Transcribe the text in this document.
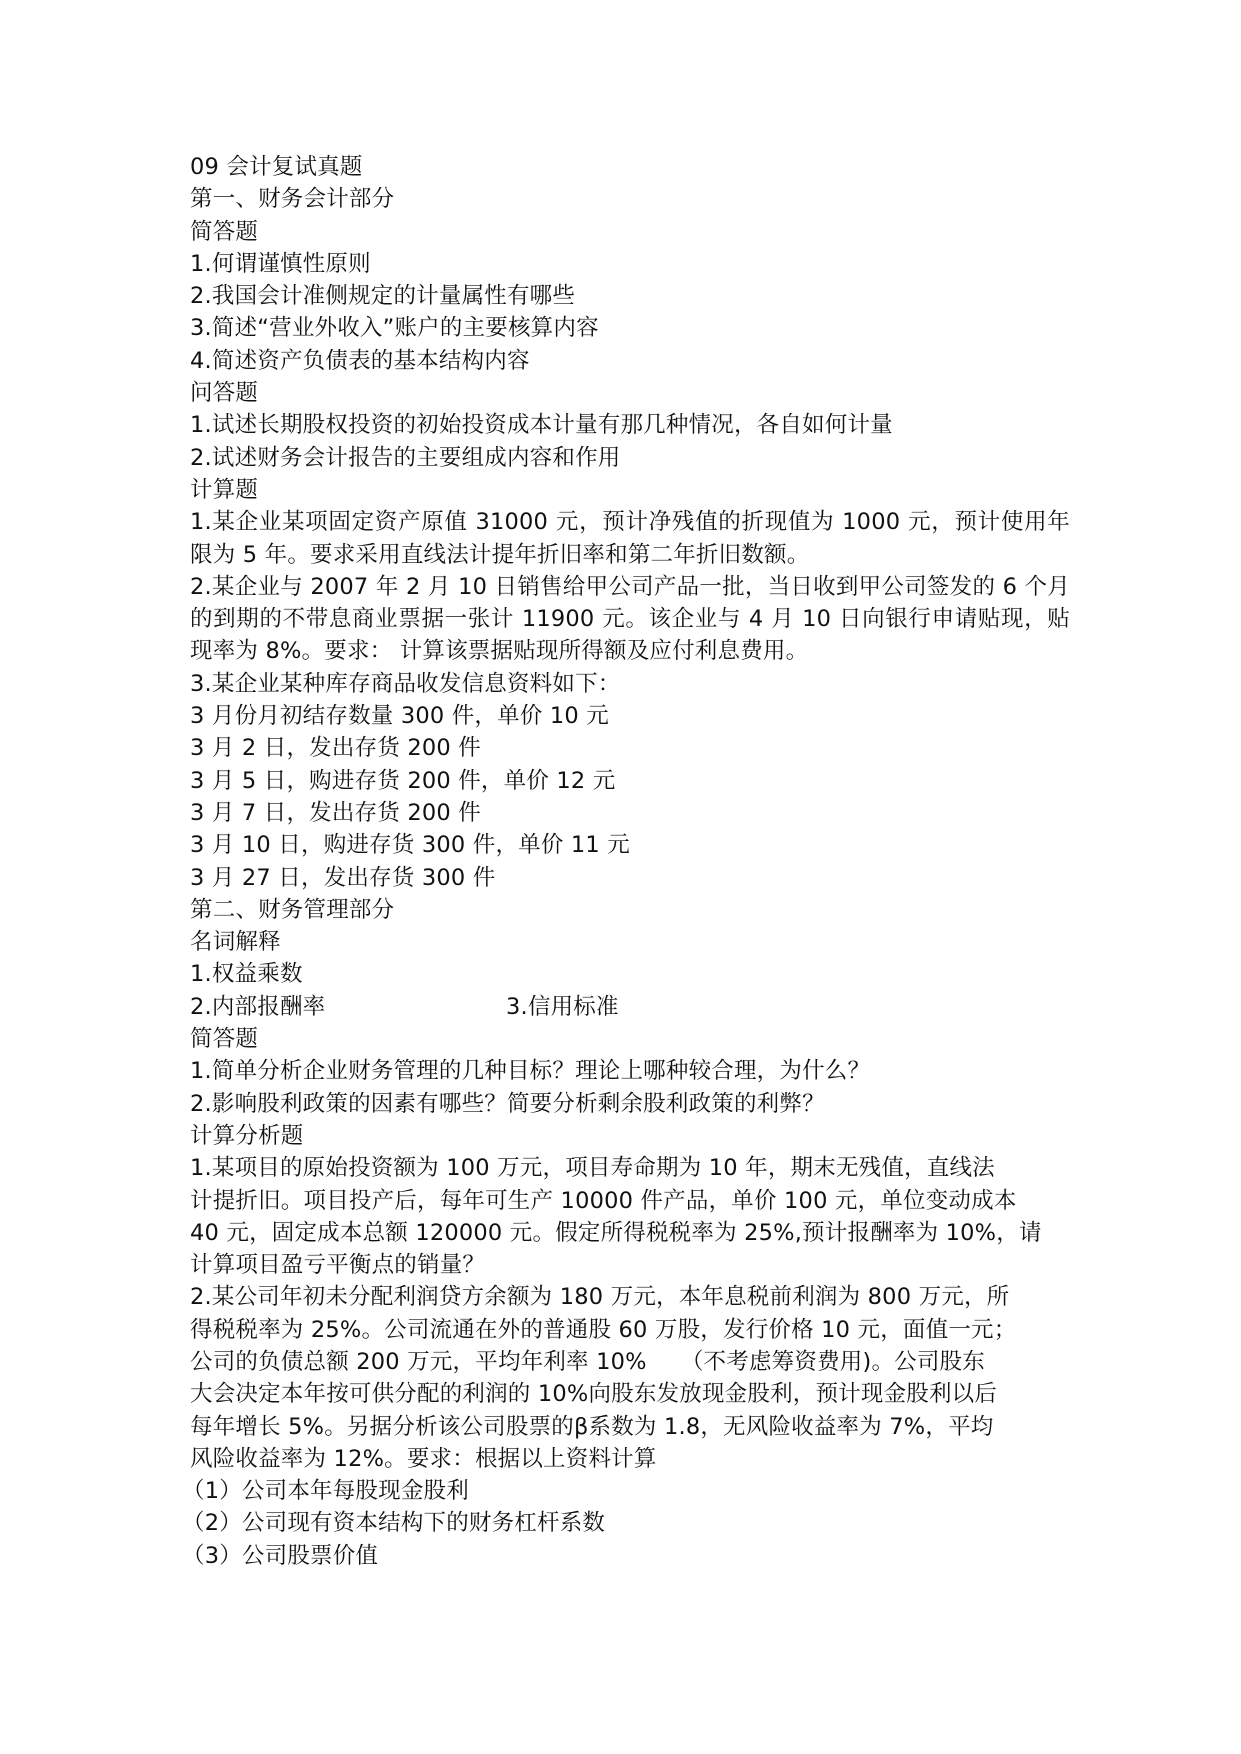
09 会计复试真题
第一、财务会计部分
简答题
1.何谓谨慎性原则
2.我国会计准侧规定的计量属性有哪些
3.简述“营业外收入”账户的主要核算内容
4.简述资产负债表的基本结构内容
问答题
1.试述长期股权投资的初始投资成本计量有那几种情况，各自如何计量
2.试述财务会计报告的主要组成内容和作用
计算题
1.某企业某项固定资产原值 31000 元，预计净残值的折现值为 1000 元，预计使用年限为 5 年。要求采用直线法计提年折旧率和第二年折旧数额。
2.某企业与 2007 年 2 月 10 日销售给甲公司产品一批，当日收到甲公司签发的 6 个月的到期的不带息商业票据一张计 11900 元。该企业与 4 月 10 日向银行申请贴现，贴现率为 8%。要求： 计算该票据贴现所得额及应付利息费用。
3.某企业某种库存商品收发信息资料如下：
3 月份月初结存数量 300 件，单价 10 元
3 月 2 日，发出存货 200 件
3 月 5 日，购进存货 200 件，单价 12 元
3 月 7 日，发出存货 200 件
3 月 10 日，购进存货 300 件，单价 11 元
3 月 27 日，发出存货 300 件
第二、财务管理部分
名词解释
1.权益乘数
2.内部报酬率	3.信用标准
简答题
1.简单分析企业财务管理的几种目标？理论上哪种较合理，为什么？
2.影响股利政策的因素有哪些？简要分析剩余股利政策的利弊？
计算分析题
1.某项目的原始投资额为 100 万元，项目寿命期为 10 年，期末无残值，直线法
计提折旧。项目投产后，每年可生产 10000 件产品，单价 100 元，单位变动成本
40 元，固定成本总额 120000 元。假定所得税税率为 25%,预计报酬率为 10%，请
计算项目盈亏平衡点的销量？
2.某公司年初未分配利润贷方余额为 180 万元，本年息税前利润为 800 万元，所
得税税率为 25%。公司流通在外的普通股 60 万股，发行价格 10 元，面值一元；
公司的负债总额 200 万元，平均年利率 10%　　（不考虑筹资费用)。公司股东
大会决定本年按可供分配的利润的 10%向股东发放现金股利，预计现金股利以后
每年增长 5%。另据分析该公司股票的β系数为 1.8，无风险收益率为 7%，平均
风险收益率为 12%。要求：根据以上资料计算
（1）公司本年每股现金股利
（2）公司现有资本结构下的财务杠杆系数
（3）公司股票价值
